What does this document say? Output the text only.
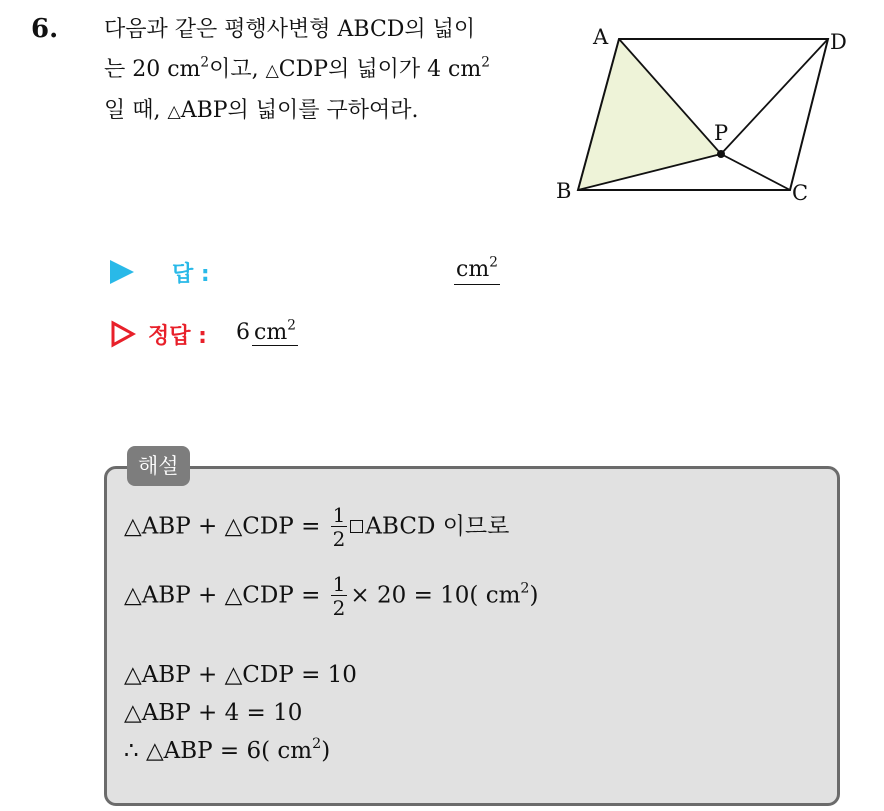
6. 다음과 같은 평행사변형 ABCD의 넓이
는 20 $cm^2$이고, △CDP의 넓이가 4 $cm^2$
일 때, △ABP의 넓이를 구하여라.
A	D
B	C
P
답 :	$cm^2$
정답 : 6 $cm^2$
해설
△ABP + △CDP = $\frac{1}{2}$ ABCD 이므로
△ABP + △CDP = $\frac{1}{2} \times 20 = 10$( $cm^2$)
△ABP + △CDP = 10
△ABP + 4 = 10
∴ △ABP = 6( $cm^2$)
